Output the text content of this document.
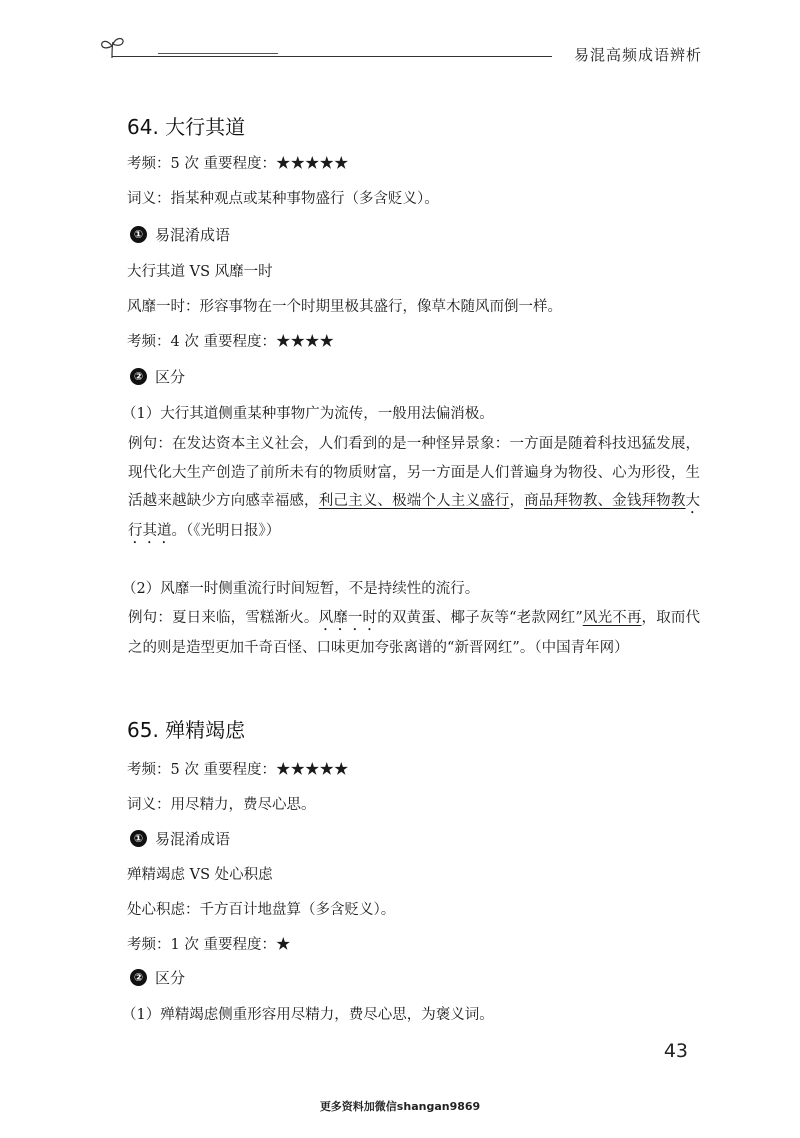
易混高频成语辨析
64. 大行其道
考频：5 次 重要程度：★★★★★
词义：指某种观点或某种事物盛行（多含贬义）。
① 易混淆成语
大行其道 VS 风靡一时
风靡一时：形容事物在一个时期里极其盛行，像草木随风而倒一样。
考频：4 次 重要程度：★★★★
② 区分
（1）大行其道侧重某种事物广为流传，一般用法偏消极。
例句：在发达资本主义社会，人们看到的是一种怪异景象：一方面是随着科技迅猛发展，现代化大生产创造了前所未有的物质财富，另一方面是人们普遍身为物役、心为形役，生活越来越缺少方向感幸福感，利己主义、极端个人主义盛行，商品拜物教、金钱拜物教大行其道。（《光明日报》）
（2）风靡一时侧重流行时间短暂，不是持续性的流行。
例句：夏日来临，雪糕渐火。风靡一时的双黄蛋、椰子灰等“老款网红”风光不再，取而代之的则是造型更加千奇百怪、口味更加夸张离谱的“新晋网红”。（中国青年网）
65. 殚精竭虑
考频：5 次 重要程度：★★★★★
词义：用尽精力，费尽心思。
① 易混淆成语
殚精竭虑 VS 处心积虑
处心积虑：千方百计地盘算（多含贬义）。
考频：1 次 重要程度：★
② 区分
（1）殚精竭虑侧重形容用尽精力，费尽心思，为褒义词。
43
更多资料加微信shangan9869
